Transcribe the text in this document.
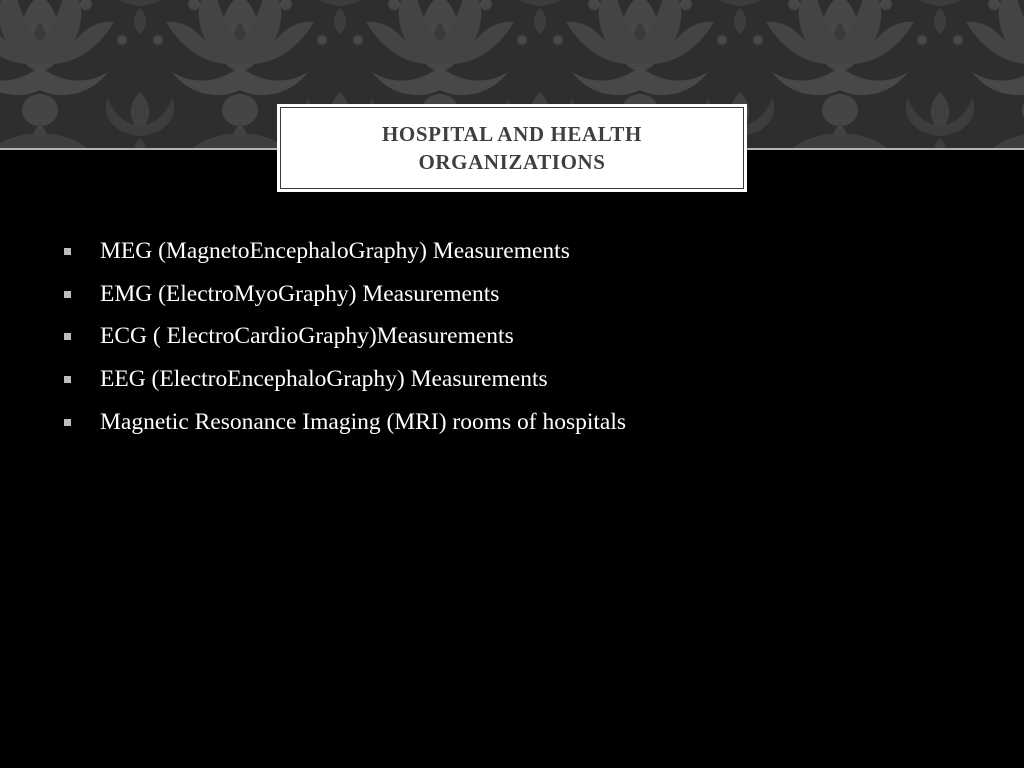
HOSPITAL AND HEALTH ORGANIZATIONS
MEG (MagnetoEncephaloGraphy) Measurements
EMG (ElectroMyoGraphy) Measurements
ECG ( ElectroCardioGraphy)Measurements
EEG (ElectroEncephaloGraphy) Measurements
Magnetic Resonance Imaging (MRI) rooms of hospitals
